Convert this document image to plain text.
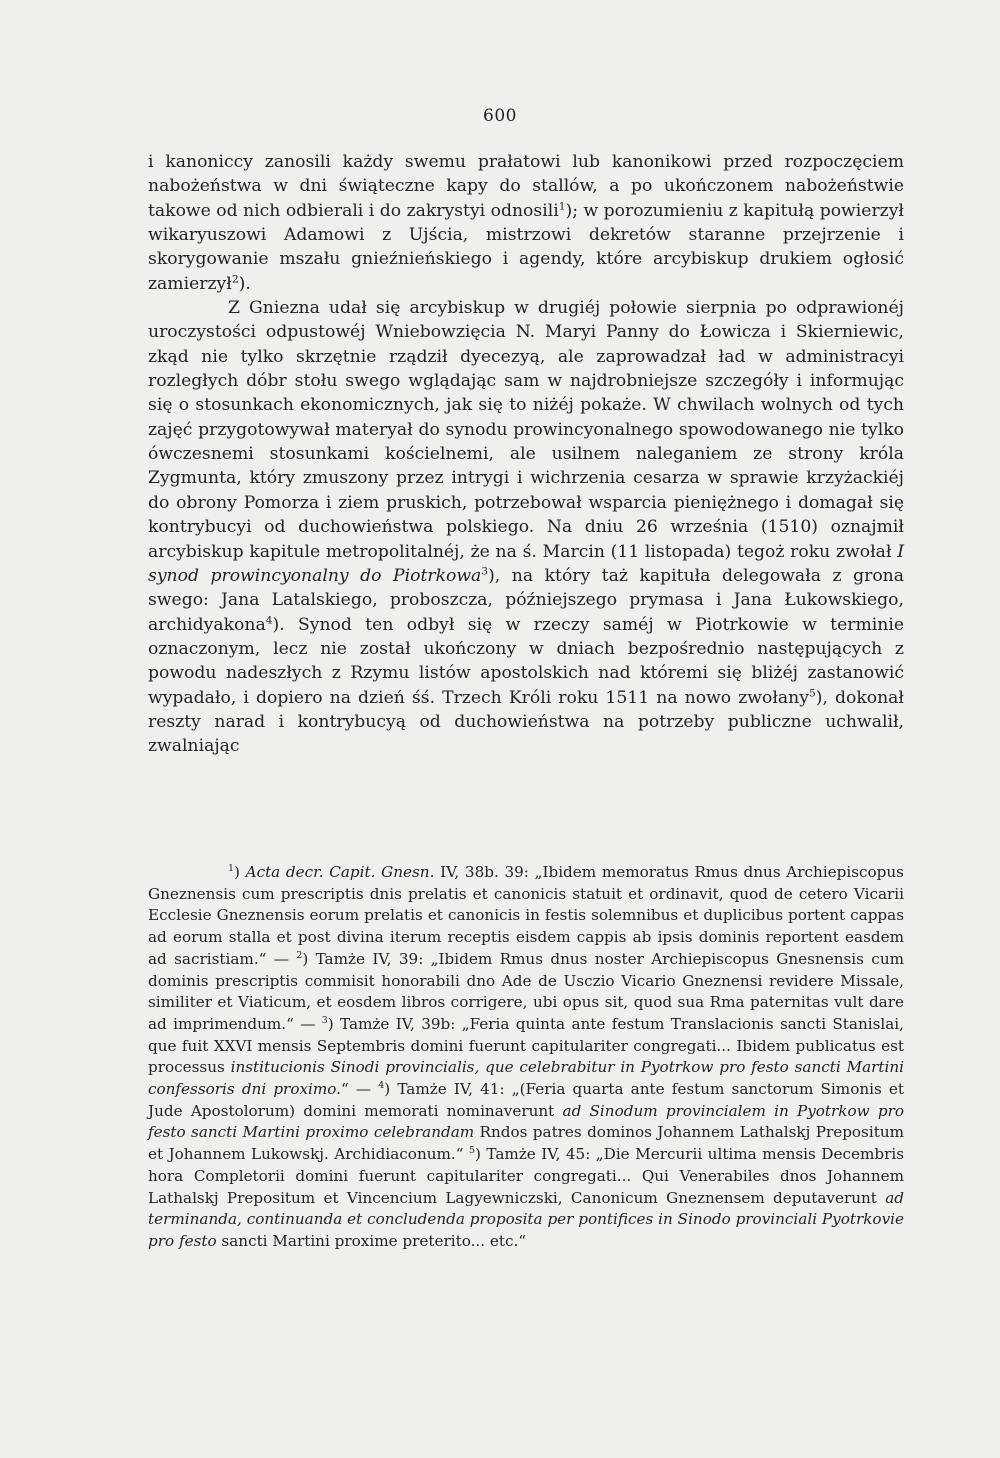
600

i kanoniccy zanosili każdy swemu prałatowi lub kanonikowi przed rozpoczęciem nabożeństwa w dni świąteczne kapy do stallów, a po ukończonem nabożeństwie takowe od nich odbierali i do zakrystyi odnosili$^1$); w porozumieniu z kapitułą powierzył wikaryuszowi Adamowi z Ujścia, mistrzowi dekretów staranne przejrzenie i skorygowanie mszału gnieźnieńskiego i agendy, które arcybiskup drukiem ogłosić zamierzył$^2$).

Z Gniezna udał się arcybiskup w drugiéj połowie sierpnia po odprawionéj uroczystości odpustowéj Wniebowzięcia N. Maryi Panny do Łowicza i Skierniewic, zkąd nie tylko skrzętnie rządził dyecezyą, ale zaprowadzał ład w administracyi rozległych dóbr stołu swego wglądając sam w najdrobniejsze szczegóły i informując się o stosunkach ekonomicznych, jak się to niżéj pokaże. W chwilach wolnych od tych zajęć przygotowywał materyał do synodu prowincyonalnego spowodowanego nie tylko ówczesnemi stosunkami kościelnemi, ale usilnem naleganiem ze strony króla Zygmunta, który zmuszony przez intrygi i wichrzenia cesarza w sprawie krzyżackiéj do obrony Pomorza i ziem pruskich, potrzebował wsparcia pieniężnego i domagał się kontrybucyi od duchowieństwa polskiego. Na dniu 26 września (1510) oznajmił arcybiskup kapitule metropolitalnéj, że na ś. Marcin (11 listopada) tegoż roku zwołał I synod prowincyonalny do Piotrkowa$^3$), na który taż kapituła delegowała z grona swego: Jana Latalskiego, proboszcza, późniejszego prymasa i Jana Łukowskiego, archidyakona$^4$). Synod ten odbył się w rzeczy saméj w Piotrkowie w terminie oznaczonym, lecz nie został ukończony w dniach bezpośrednio następujących z powodu nadeszłych z Rzymu listów apostolskich nad któremi się bliżéj zastanowić wypadało, i dopiero na dzień śś. Trzech Króli roku 1511 na nowo zwołany$^5$), dokonał reszty narad i kontrybucyą od duchowieństwa na potrzeby publiczne uchwalił, zwalniając

$^1$) Acta decr. Capit. Gnesn. IV, 38b. 39: „Ibidem memoratus Rmus dnus Archiepiscopus Gneznensis cum prescriptis dnis prelatis et canonicis statuit et ordinavit, quod de cetero Vicarii Ecclesie Gneznensis eorum prelatis et canonicis in festis solemnibus et duplicibus portent cappas ad eorum stalla et post divina iterum receptis eisdem cappis ab ipsis dominis reportent easdem ad sacristiam.“ — $^2$) Tamże IV, 39: „Ibidem Rmus dnus noster Archiepiscopus Gnesnensis cum dominis prescriptis commisit honorabili dno Ade de Usczio Vicario Gneznensi revidere Missale, similiter et Viaticum, et eosdem libros corrigere, ubi opus sit, quod sua Rma paternitas vult dare ad imprimendum.“ — $^3$) Tamże IV, 39b: „Feria quinta ante festum Translacionis sancti Stanislai, que fuit XXVI mensis Septembris domini fuerunt capitulariter congregati... Ibidem publicatus est processus institucionis Sinodi provincialis, que celebrabitur in Pyotrkow pro festo sancti Martini confessoris dni proximo.“ — $^4$) Tamże IV, 41: „(Feria quarta ante festum sanctorum Simonis et Jude Apostolorum) domini memorati nominaverunt ad Sinodum provincialem in Pyotrkow pro festo sancti Martini proximo celebrandam Rndos patres dominos Johannem Lathalskj Prepositum et Johannem Lukowskj. Archidiaconum.“ $^5$) Tamże IV, 45: „Die Mercurii ultima mensis Decembris hora Completorii domini fuerunt capitulariter congregati... Qui Venerabiles dnos Johannem Lathalskj Prepositum et Vincencium Lagyewniczski, Canonicum Gneznensem deputaverunt ad terminanda, continuanda et concludenda proposita per pontifices in Sinodo provinciali Pyotrkovie pro festo sancti Martini proxime preterito... etc.“
